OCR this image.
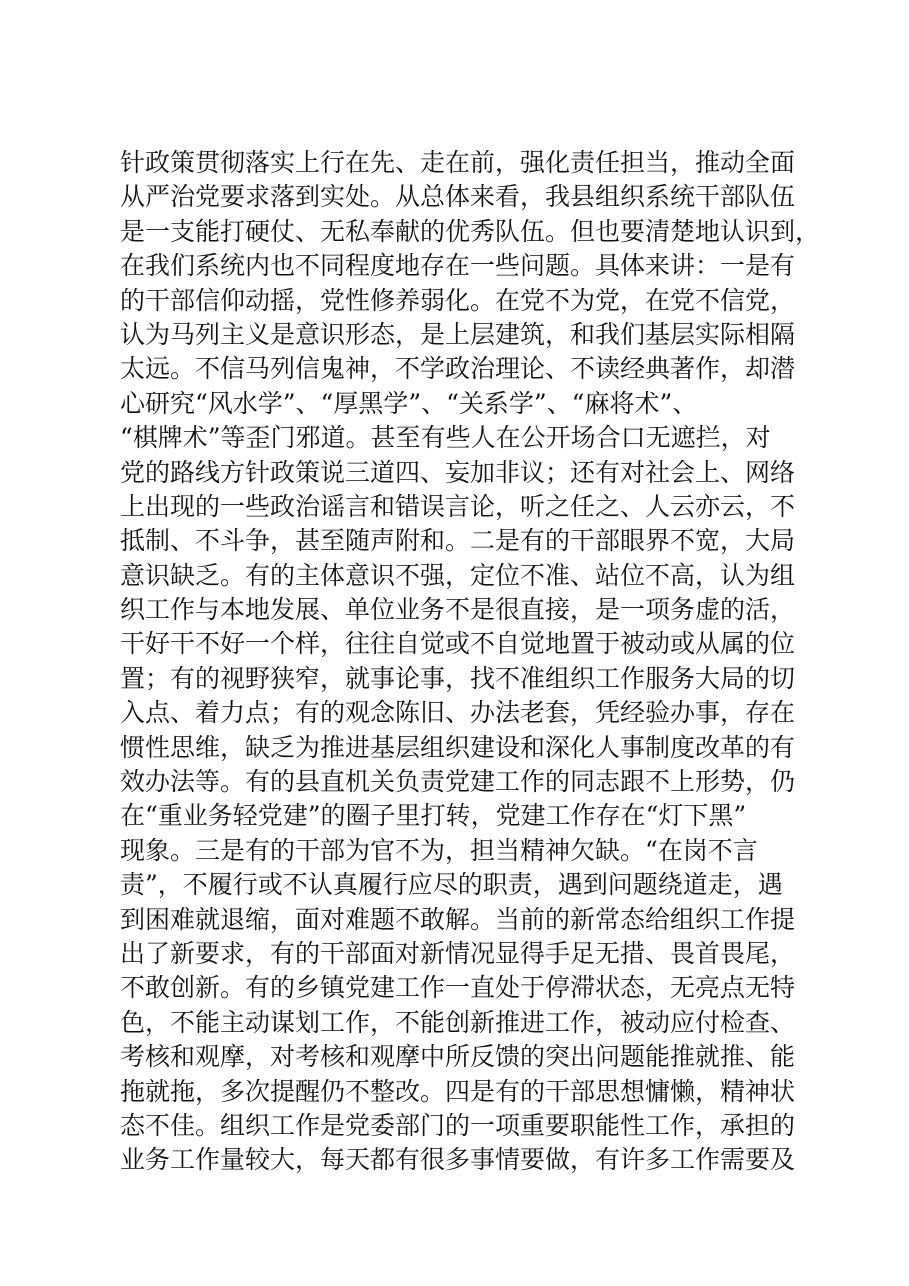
针政策贯彻落实上行在先、走在前，强化责任担当，推动全面
从严治党要求落到实处。从总体来看，我县组织系统干部队伍
是一支能打硬仗、无私奉献的优秀队伍。但也要清楚地认识到，
在我们系统内也不同程度地存在一些问题。具体来讲：一是有
的干部信仰动摇，党性修养弱化。在党不为党，在党不信党，
认为马列主义是意识形态，是上层建筑，和我们基层实际相隔
太远。不信马列信鬼神，不学政治理论、不读经典著作，却潜
心研究“风水学”、“厚黑学”、“关系学”、“麻将术”、
“棋牌术”等歪门邪道。甚至有些人在公开场合口无遮拦，对
党的路线方针政策说三道四、妄加非议；还有对社会上、网络
上出现的一些政治谣言和错误言论，听之任之、人云亦云，不
抵制、不斗争，甚至随声附和。二是有的干部眼界不宽，大局
意识缺乏。有的主体意识不强，定位不准、站位不高，认为组
织工作与本地发展、单位业务不是很直接，是一项务虚的活，
干好干不好一个样，往往自觉或不自觉地置于被动或从属的位
置；有的视野狭窄，就事论事，找不准组织工作服务大局的切
入点、着力点；有的观念陈旧、办法老套，凭经验办事，存在
惯性思维，缺乏为推进基层组织建设和深化人事制度改革的有
效办法等。有的县直机关负责党建工作的同志跟不上形势，仍
在“重业务轻党建”的圈子里打转，党建工作存在“灯下黑”
现象。三是有的干部为官不为，担当精神欠缺。“在岗不言
责”，不履行或不认真履行应尽的职责，遇到问题绕道走，遇
到困难就退缩，面对难题不敢解。当前的新常态给组织工作提
出了新要求，有的干部面对新情况显得手足无措、畏首畏尾，
不敢创新。有的乡镇党建工作一直处于停滞状态，无亮点无特
色，不能主动谋划工作，不能创新推进工作，被动应付检查、
考核和观摩，对考核和观摩中所反馈的突出问题能推就推、能
拖就拖，多次提醒仍不整改。四是有的干部思想慵懒，精神状
态不佳。组织工作是党委部门的一项重要职能性工作，承担的
业务工作量较大，每天都有很多事情要做，有许多工作需要及
